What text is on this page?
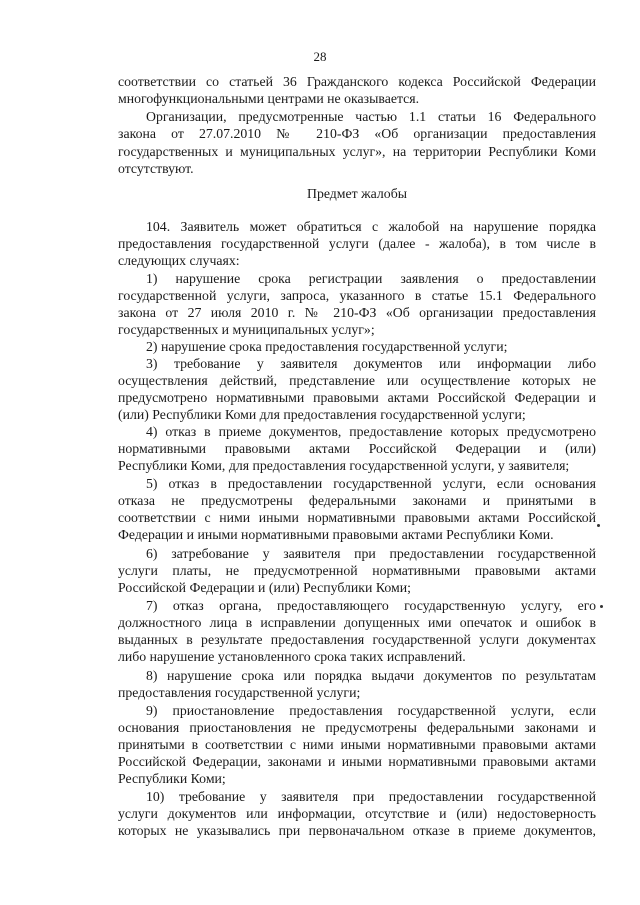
28
соответствии со статьей 36 Гражданского кодекса Российской Федерации
многофункциональными центрами не оказывается.
Организации, предусмотренные частью 1.1 статьи 16 Федерального
закона от 27.07.2010 № 210-ФЗ «Об организации предоставления
государственных и муниципальных услуг», на территории Республики Коми
отсутствуют.
Предмет жалобы
104. Заявитель может обратиться с жалобой на нарушение порядка
предоставления государственной услуги (далее - жалоба), в том числе в
следующих случаях:
1) нарушение срока регистрации заявления о предоставлении
государственной услуги, запроса, указанного в статье 15.1 Федерального
закона от 27 июля 2010 г. № 210-ФЗ «Об организации предоставления
государственных и муниципальных услуг»;
2) нарушение срока предоставления государственной услуги;
3) требование у заявителя документов или информации либо
осуществления действий, представление или осуществление которых не
предусмотрено нормативными правовыми актами Российской Федерации и
(или) Республики Коми для предоставления государственной услуги;
4) отказ в приеме документов, предоставление которых предусмотрено
нормативными правовыми актами Российской Федерации и (или)
Республики Коми, для предоставления государственной услуги, у заявителя;
5) отказ в предоставлении государственной услуги, если основания
отказа не предусмотрены федеральными законами и принятыми в
соответствии с ними иными нормативными правовыми актами Российской
Федерации и иными нормативными правовыми актами Республики Коми.
6) затребование у заявителя при предоставлении государственной
услуги платы, не предусмотренной нормативными правовыми актами
Российской Федерации и (или) Республики Коми;
7) отказ органа, предоставляющего государственную услугу, его
должностного лица в исправлении допущенных ими опечаток и ошибок в
выданных в результате предоставления государственной услуги документах
либо нарушение установленного срока таких исправлений.
8) нарушение срока или порядка выдачи документов по результатам
предоставления государственной услуги;
9) приостановление предоставления государственной услуги, если
основания приостановления не предусмотрены федеральными законами и
принятыми в соответствии с ними иными нормативными правовыми актами
Российской Федерации, законами и иными нормативными правовыми актами
Республики Коми;
10) требование у заявителя при предоставлении государственной
услуги документов или информации, отсутствие и (или) недостоверность
которых не указывались при первоначальном отказе в приеме документов,
